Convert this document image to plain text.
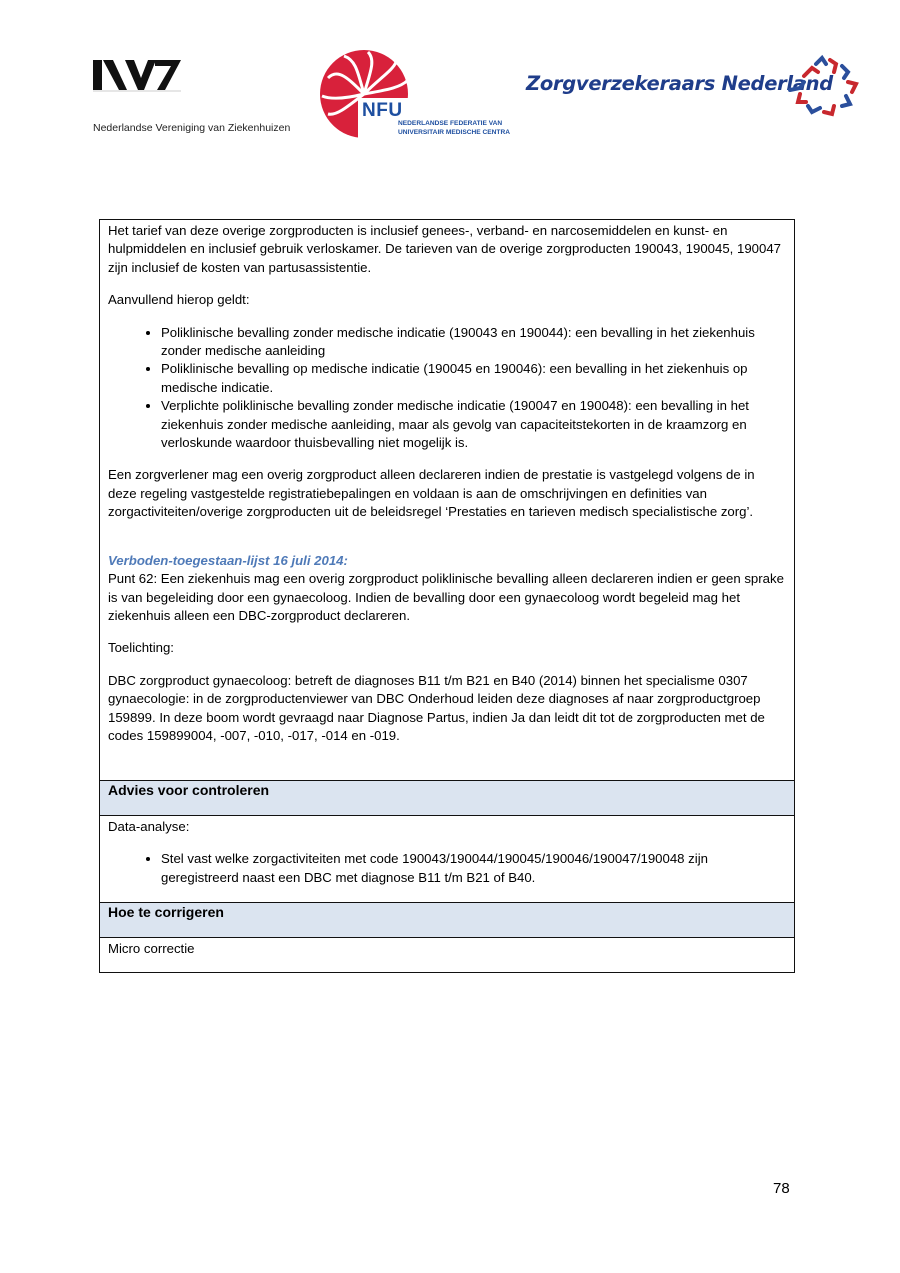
Nederlandse Vereniging van Ziekenhuizen
NFU
NEDERLANDSE FEDERATIE VAN
UNIVERSITAIR MEDISCHE CENTRA
Zorgverzekeraars Nederland

Het tarief van deze overige zorgproducten is inclusief genees-, verband- en narcosemiddelen en kunst- en hulpmiddelen en inclusief gebruik verloskamer. De tarieven van de overige zorgproducten 190043, 190045, 190047 zijn inclusief de kosten van partusassistentie.

Aanvullend hierop geldt:

• Poliklinische bevalling zonder medische indicatie (190043 en 190044): een bevalling in het ziekenhuis zonder medische aanleiding
• Poliklinische bevalling op medische indicatie (190045 en 190046): een bevalling in het ziekenhuis op medische indicatie.
• Verplichte poliklinische bevalling zonder medische indicatie (190047 en 190048): een bevalling in het ziekenhuis zonder medische aanleiding, maar als gevolg van capaciteitstekorten in de kraamzorg en verloskunde waardoor thuisbevalling niet mogelijk is.

Een zorgverlener mag een overig zorgproduct alleen declareren indien de prestatie is vastgelegd volgens de in deze regeling vastgestelde registratiebepalingen en voldaan is aan de omschrijvingen en definities van zorgactiviteiten/overige zorgproducten uit de beleidsregel ‘Prestaties en tarieven medisch specialistische zorg’.

Verboden-toegestaan-lijst 16 juli 2014:

Punt 62: Een ziekenhuis mag een overig zorgproduct poliklinische bevalling alleen declareren indien er geen sprake is van begeleiding door een gynaecoloog. Indien de bevalling door een gynaecoloog wordt begeleid mag het ziekenhuis alleen een DBC-zorgproduct declareren.

Toelichting:

DBC zorgproduct gynaecoloog: betreft de diagnoses B11 t/m B21 en B40 (2014) binnen het specialisme 0307 gynaecologie: in de zorgproductenviewer van DBC Onderhoud leiden deze diagnoses af naar zorgproductgroep 159899. In deze boom wordt gevraagd naar Diagnose Partus, indien Ja dan leidt dit tot de zorgproducten met de codes 159899004, -007, -010, -017, -014 en -019.

Advies voor controleren

Data-analyse:

• Stel vast welke zorgactiviteiten met code 190043/190044/190045/190046/190047/190048 zijn geregistreerd naast een DBC met diagnose B11 t/m B21 of B40.
Hoe te corrigeren
Micro correctie
78
